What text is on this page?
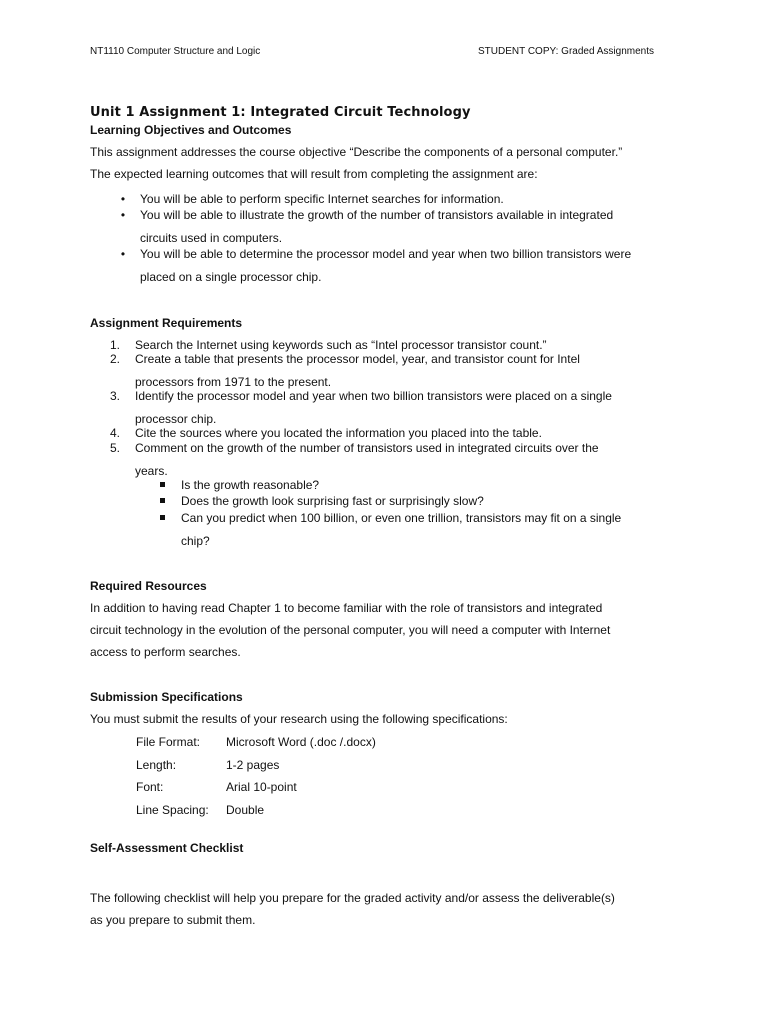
NT1110 Computer Structure and Logic	STUDENT COPY: Graded Assignments
Unit 1 Assignment 1: Integrated Circuit Technology
Learning Objectives and Outcomes
This assignment addresses the course objective “Describe the components of a personal computer.”
The expected learning outcomes that will result from completing the assignment are:
•	You will be able to perform specific Internet searches for information.
•	You will be able to illustrate the growth of the number of transistors available in integrated
circuits used in computers.
•	You will be able to determine the processor model and year when two billion transistors were
placed on a single processor chip.
Assignment Requirements
1. Search the Internet using keywords such as “Intel processor transistor count.”
2. Create a table that presents the processor model, year, and transistor count for Intel
processors from 1971 to the present.
3. Identify the processor model and year when two billion transistors were placed on a single
processor chip.
4. Cite the sources where you located the information you placed into the table.
5. Comment on the growth of the number of transistors used in integrated circuits over the
years.
Is the growth reasonable?
Does the growth look surprising fast or surprisingly slow?
Can you predict when 100 billion, or even one trillion, transistors may fit on a single
chip?
Required Resources
In addition to having read Chapter 1 to become familiar with the role of transistors and integrated
circuit technology in the evolution of the personal computer, you will need a computer with Internet
access to perform searches.
Submission Specifications
You must submit the results of your research using the following specifications:
File Format:	Microsoft Word (.doc /.docx)
Length:	1-2 pages
Font:	Arial 10-point
Line Spacing:	Double
Self-Assessment Checklist
The following checklist will help you prepare for the graded activity and/or assess the deliverable(s)
as you prepare to submit them.
